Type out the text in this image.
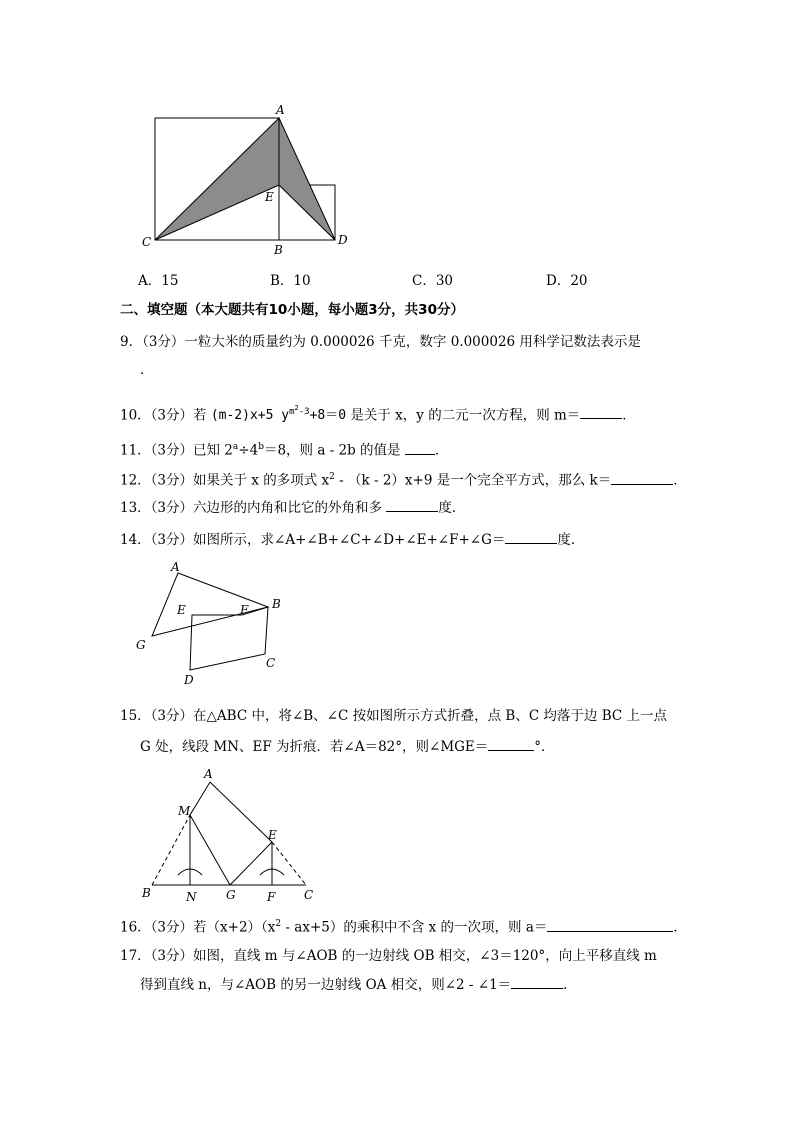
A
E
C
B
D
A．15	B．10	C．30	D．20
二、填空题（本大题共有10小题，每小题3分，共30分）
9．（3分）一粒大米的质量约为 0.000026 千克，数字 0.000026 用科学记数法表示是
．
10．（3分）若 (m-2)x+5 $y^{m^2-3}+8=0$ 是关于 x，y 的二元一次方程，则 m＝	．
11．（3分）已知 $2^a\div 4^b=8$，则 a - 2b 的值是 ．
12．（3分）如果关于 x 的多项式 $x^2 - (k - 2)x+9$ 是一个完全平方式，那么 k＝	．
13．（3分）六边形的内角和比它的外角和多	度．
14．（3分）如图所示，求∠A+∠B+∠C+∠D+∠E+∠F+∠G＝	度．
A
B
E	F
G
C
D
15．（3分）在△ABC 中，将∠B、∠C 按如图所示方式折叠，点 B、C 均落于边 BC 上一点
G 处，线段 MN、EF 为折痕．若∠A＝82°，则∠MGE＝	°．
A
M
E
B	N G	F C
16．（3分）若$(x+2)(x^2 - ax+5)$的乘积中不含 x 的一次项，则 a＝	．
17．（3分）如图，直线 m 与∠AOB 的一边射线 OB 相交，∠3＝120°，向上平移直线 m
得到直线 n，与∠AOB 的另一边射线 OA 相交，则∠2 - ∠1＝	．
